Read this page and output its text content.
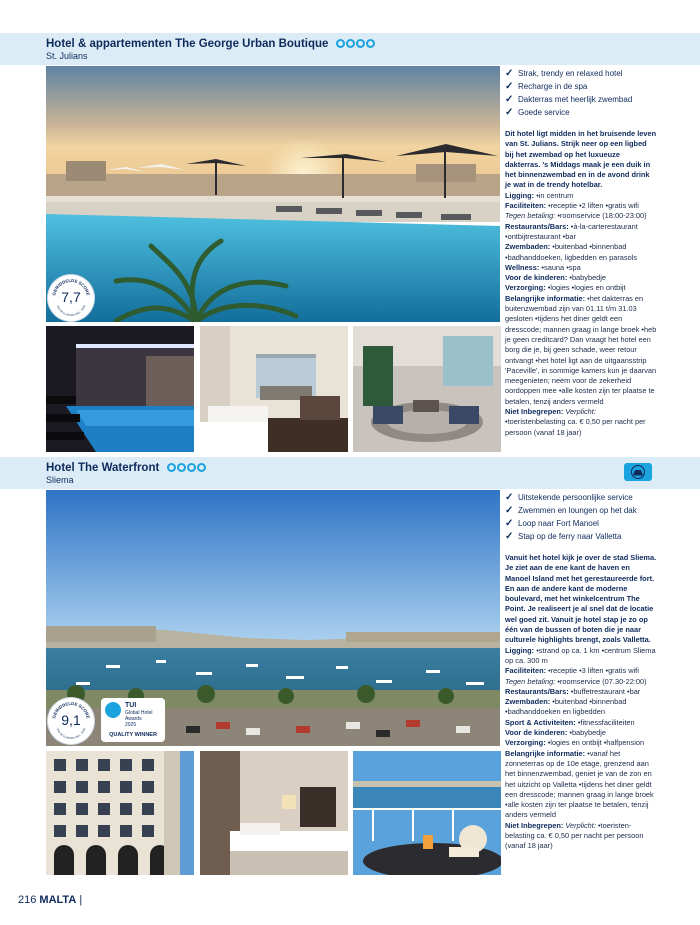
Hotel & appartementen The George Urban Boutique
St. Julians
GEMIDDELDE SCORE
VAN DE KLANTEN (INCL. 2025)
7,7

✓ Strak, trendy en relaxed hotel

✓ Recharge in de spa

✓ Dakterras met heerlijk zwembad

✓ Goede service

Dit hotel ligt midden in het bruisende leven van St. Julians. Strijk neer op een ligbed bij het zwembad op het luxueuze dakterras. 's Middags maak je een duik in het binnenzwembad en in de avond drink je wat in de trendy hotelbar.

Ligging: •in centrum

Faciliteiten: •receptie •2 liften •gratis wifi Tegen betaling: •roomservice (18:00-23:00)

Restaurants/Bars: •à-la-carterestaurant •ontbijtrestaurant •bar

Zwembaden: •buitenbad •binnenbad •badhanddoeken, ligbedden en parasols

Wellness: •sauna •spa

Voor de kinderen: •babybedje

Verzorging: •logies •logies en ontbijt

Belangrijke informatie: •het dakterras en buitenzwembad zijn van 01.11 t/m 31.03 gesloten •tijdens het diner geldt een dresscode; mannen graag in lange broek •heb je geen creditcard? Dan vraagt het hotel een borg die je, bij geen schade, weer retour ontvangt •het hotel ligt aan de uitgaansstrip 'Paceville', in sommige kamers kun je daarvan meegenieten; neem voor de zekerheid oordoppen mee •alle kosten zijn ter plaatse te betalen, tenzij anders vermeld

Niet Inbegrepen: Verplicht: •toeristenbelasting ca. € 0,50 per nacht per persoon (vanaf 18 jaar)

Hotel The Waterfront
Sliema
GEMIDDELDE SCORE
VAN DE KLANTEN (INCL. 2025)
9,1
TUI
Global Hotel
Awards
2025
QUALITY WINNER

✓ Uitstekende persoonlijke service

✓ Zwemmen en loungen op het dak

✓ Loop naar Fort Manoel

✓ Stap op de ferry naar Valletta

Vanuit het hotel kijk je over de stad Sliema. Je ziet aan de ene kant de haven en Manoel Island met het gerestaureerde fort. En aan de andere kant de moderne boulevard, met het winkelcentrum The Point. Je realiseert je al snel dat de locatie wel goed zit. Vanuit je hotel stap je zo op één van de bussen of boten die je naar culturele highlights brengt, zoals Valletta.

Ligging: •strand op ca. 1 km •centrum Sliema op ca. 300 m

Faciliteiten: •receptie •3 liften •gratis wifi Tegen betaling: •roomservice (07.30-22:00)

Restaurants/Bars: •buffetrestaurant •bar

Zwembaden: •buitenbad •binnenbad •badhanddoeken en ligbedden

Sport & Activiteiten: •fitnessfaciliteiten

Voor de kinderen: •babybedje

Verzorging: •logies en ontbijt •halfpension

Belangrijke informatie: •vanaf het zonneterras op de 10e etage, grenzend aan het binnenzwembad, geniet je van de zon en het uitzicht op Valletta •tijdens het diner geldt een dresscode; mannen graag in lange broek •alle kosten zijn ter plaatse te betalen, tenzij anders vermeld

Niet Inbegrepen: Verplicht: •toeristen-belasting ca. € 0,50 per nacht per persoon (vanaf 18 jaar)

216 MALTA |
